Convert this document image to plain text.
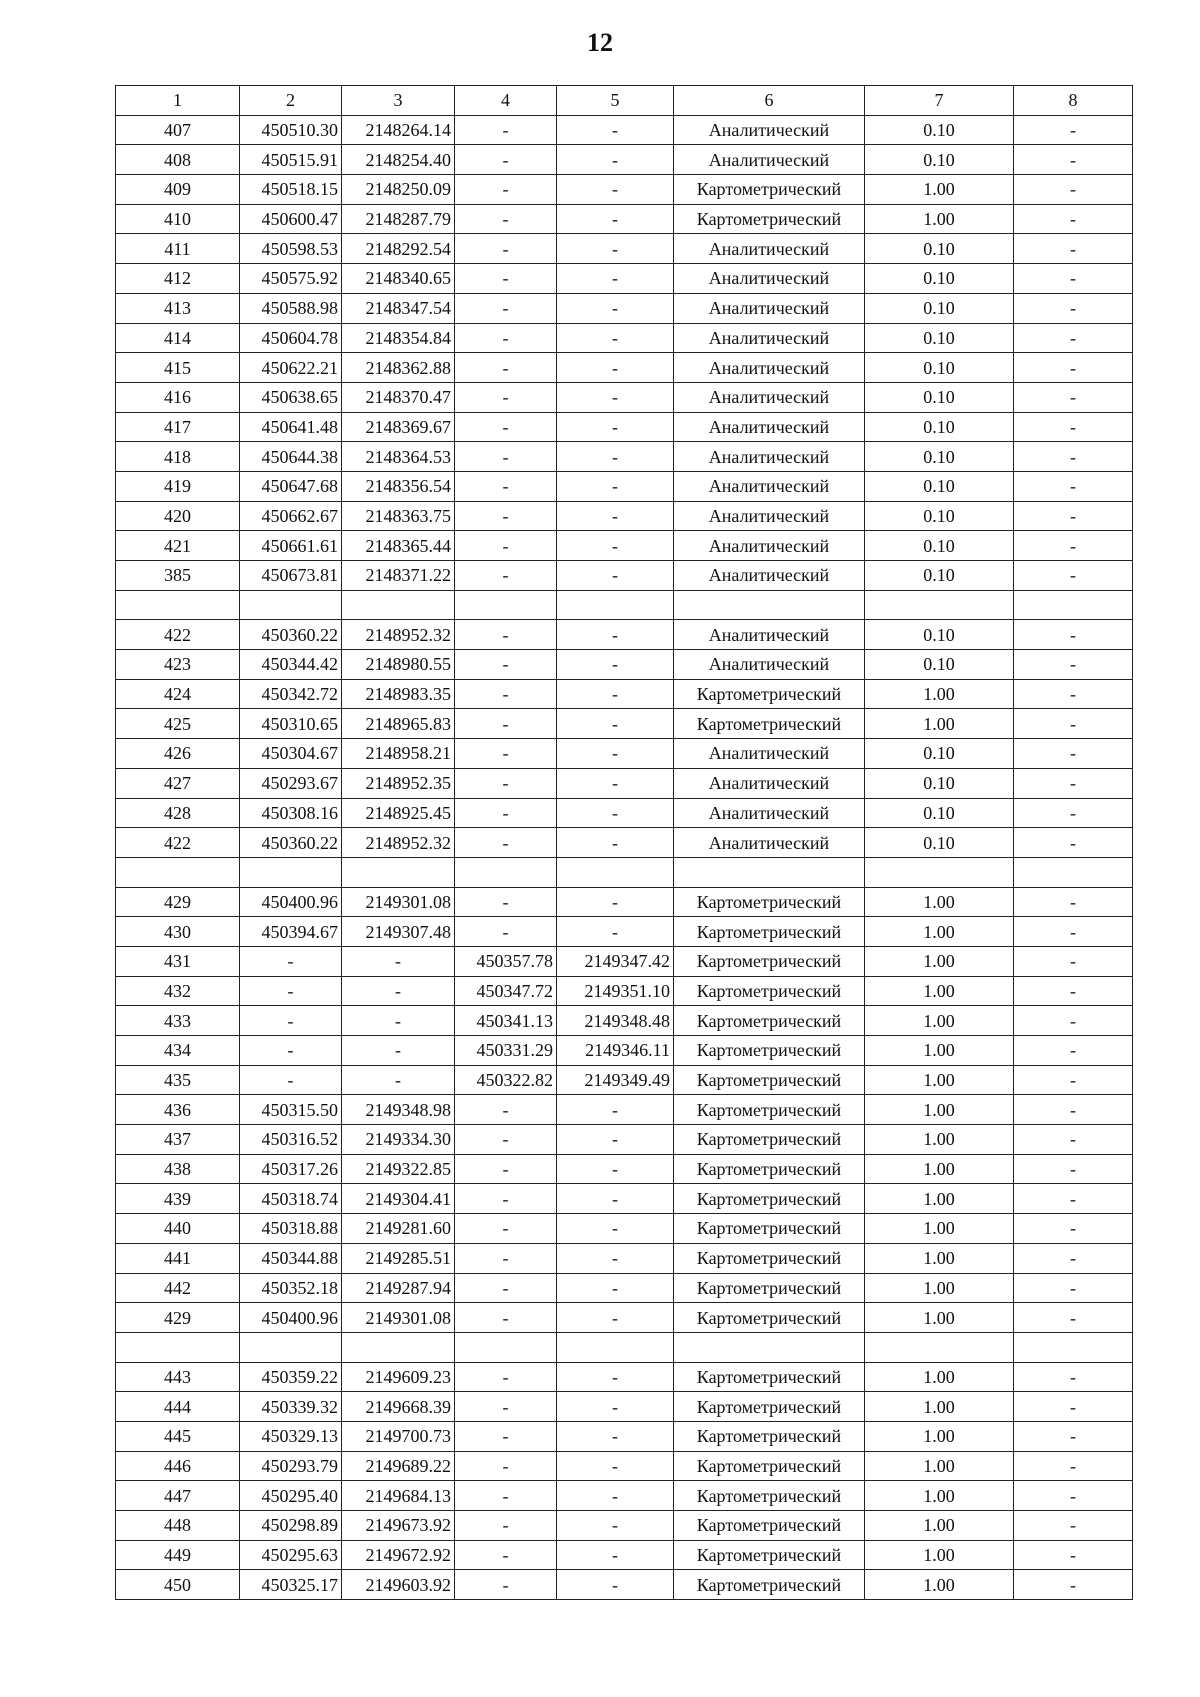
12
1	2	3	4	5	6	7	8
407	450510.30	2148264.14	-	-	Аналитический	0.10	-
408	450515.91	2148254.40	-	-	Аналитический	0.10	-
409	450518.15	2148250.09	-	-	Картометрический	1.00	-
410	450600.47	2148287.79	-	-	Картометрический	1.00	-
411	450598.53	2148292.54	-	-	Аналитический	0.10	-
412	450575.92	2148340.65	-	-	Аналитический	0.10	-
413	450588.98	2148347.54	-	-	Аналитический	0.10	-
414	450604.78	2148354.84	-	-	Аналитический	0.10	-
415	450622.21	2148362.88	-	-	Аналитический	0.10	-
416	450638.65	2148370.47	-	-	Аналитический	0.10	-
417	450641.48	2148369.67	-	-	Аналитический	0.10	-
418	450644.38	2148364.53	-	-	Аналитический	0.10	-
419	450647.68	2148356.54	-	-	Аналитический	0.10	-
420	450662.67	2148363.75	-	-	Аналитический	0.10	-
421	450661.61	2148365.44	-	-	Аналитический	0.10	-
385	450673.81	2148371.22	-	-	Аналитический	0.10	-

422	450360.22	2148952.32	-	-	Аналитический	0.10	-
423	450344.42	2148980.55	-	-	Аналитический	0.10	-
424	450342.72	2148983.35	-	-	Картометрический	1.00	-
425	450310.65	2148965.83	-	-	Картометрический	1.00	-
426	450304.67	2148958.21	-	-	Аналитический	0.10	-
427	450293.67	2148952.35	-	-	Аналитический	0.10	-
428	450308.16	2148925.45	-	-	Аналитический	0.10	-
422	450360.22	2148952.32	-	-	Аналитический	0.10	-

429	450400.96	2149301.08	-	-	Картометрический	1.00	-
430	450394.67	2149307.48	-	-	Картометрический	1.00	-
431	-	-	450357.78	2149347.42	Картометрический	1.00	-
432	-	-	450347.72	2149351.10	Картометрический	1.00	-
433	-	-	450341.13	2149348.48	Картометрический	1.00	-
434	-	-	450331.29	2149346.11	Картометрический	1.00	-
435	-	-	450322.82	2149349.49	Картометрический	1.00	-
436	450315.50	2149348.98	-	-	Картометрический	1.00	-
437	450316.52	2149334.30	-	-	Картометрический	1.00	-
438	450317.26	2149322.85	-	-	Картометрический	1.00	-
439	450318.74	2149304.41	-	-	Картометрический	1.00	-
440	450318.88	2149281.60	-	-	Картометрический	1.00	-
441	450344.88	2149285.51	-	-	Картометрический	1.00	-
442	450352.18	2149287.94	-	-	Картометрический	1.00	-
429	450400.96	2149301.08	-	-	Картометрический	1.00	-

443	450359.22	2149609.23	-	-	Картометрический	1.00	-
444	450339.32	2149668.39	-	-	Картометрический	1.00	-
445	450329.13	2149700.73	-	-	Картометрический	1.00	-
446	450293.79	2149689.22	-	-	Картометрический	1.00	-
447	450295.40	2149684.13	-	-	Картометрический	1.00	-
448	450298.89	2149673.92	-	-	Картометрический	1.00	-
449	450295.63	2149672.92	-	-	Картометрический	1.00	-
450	450325.17	2149603.92	-	-	Картометрический	1.00	-
